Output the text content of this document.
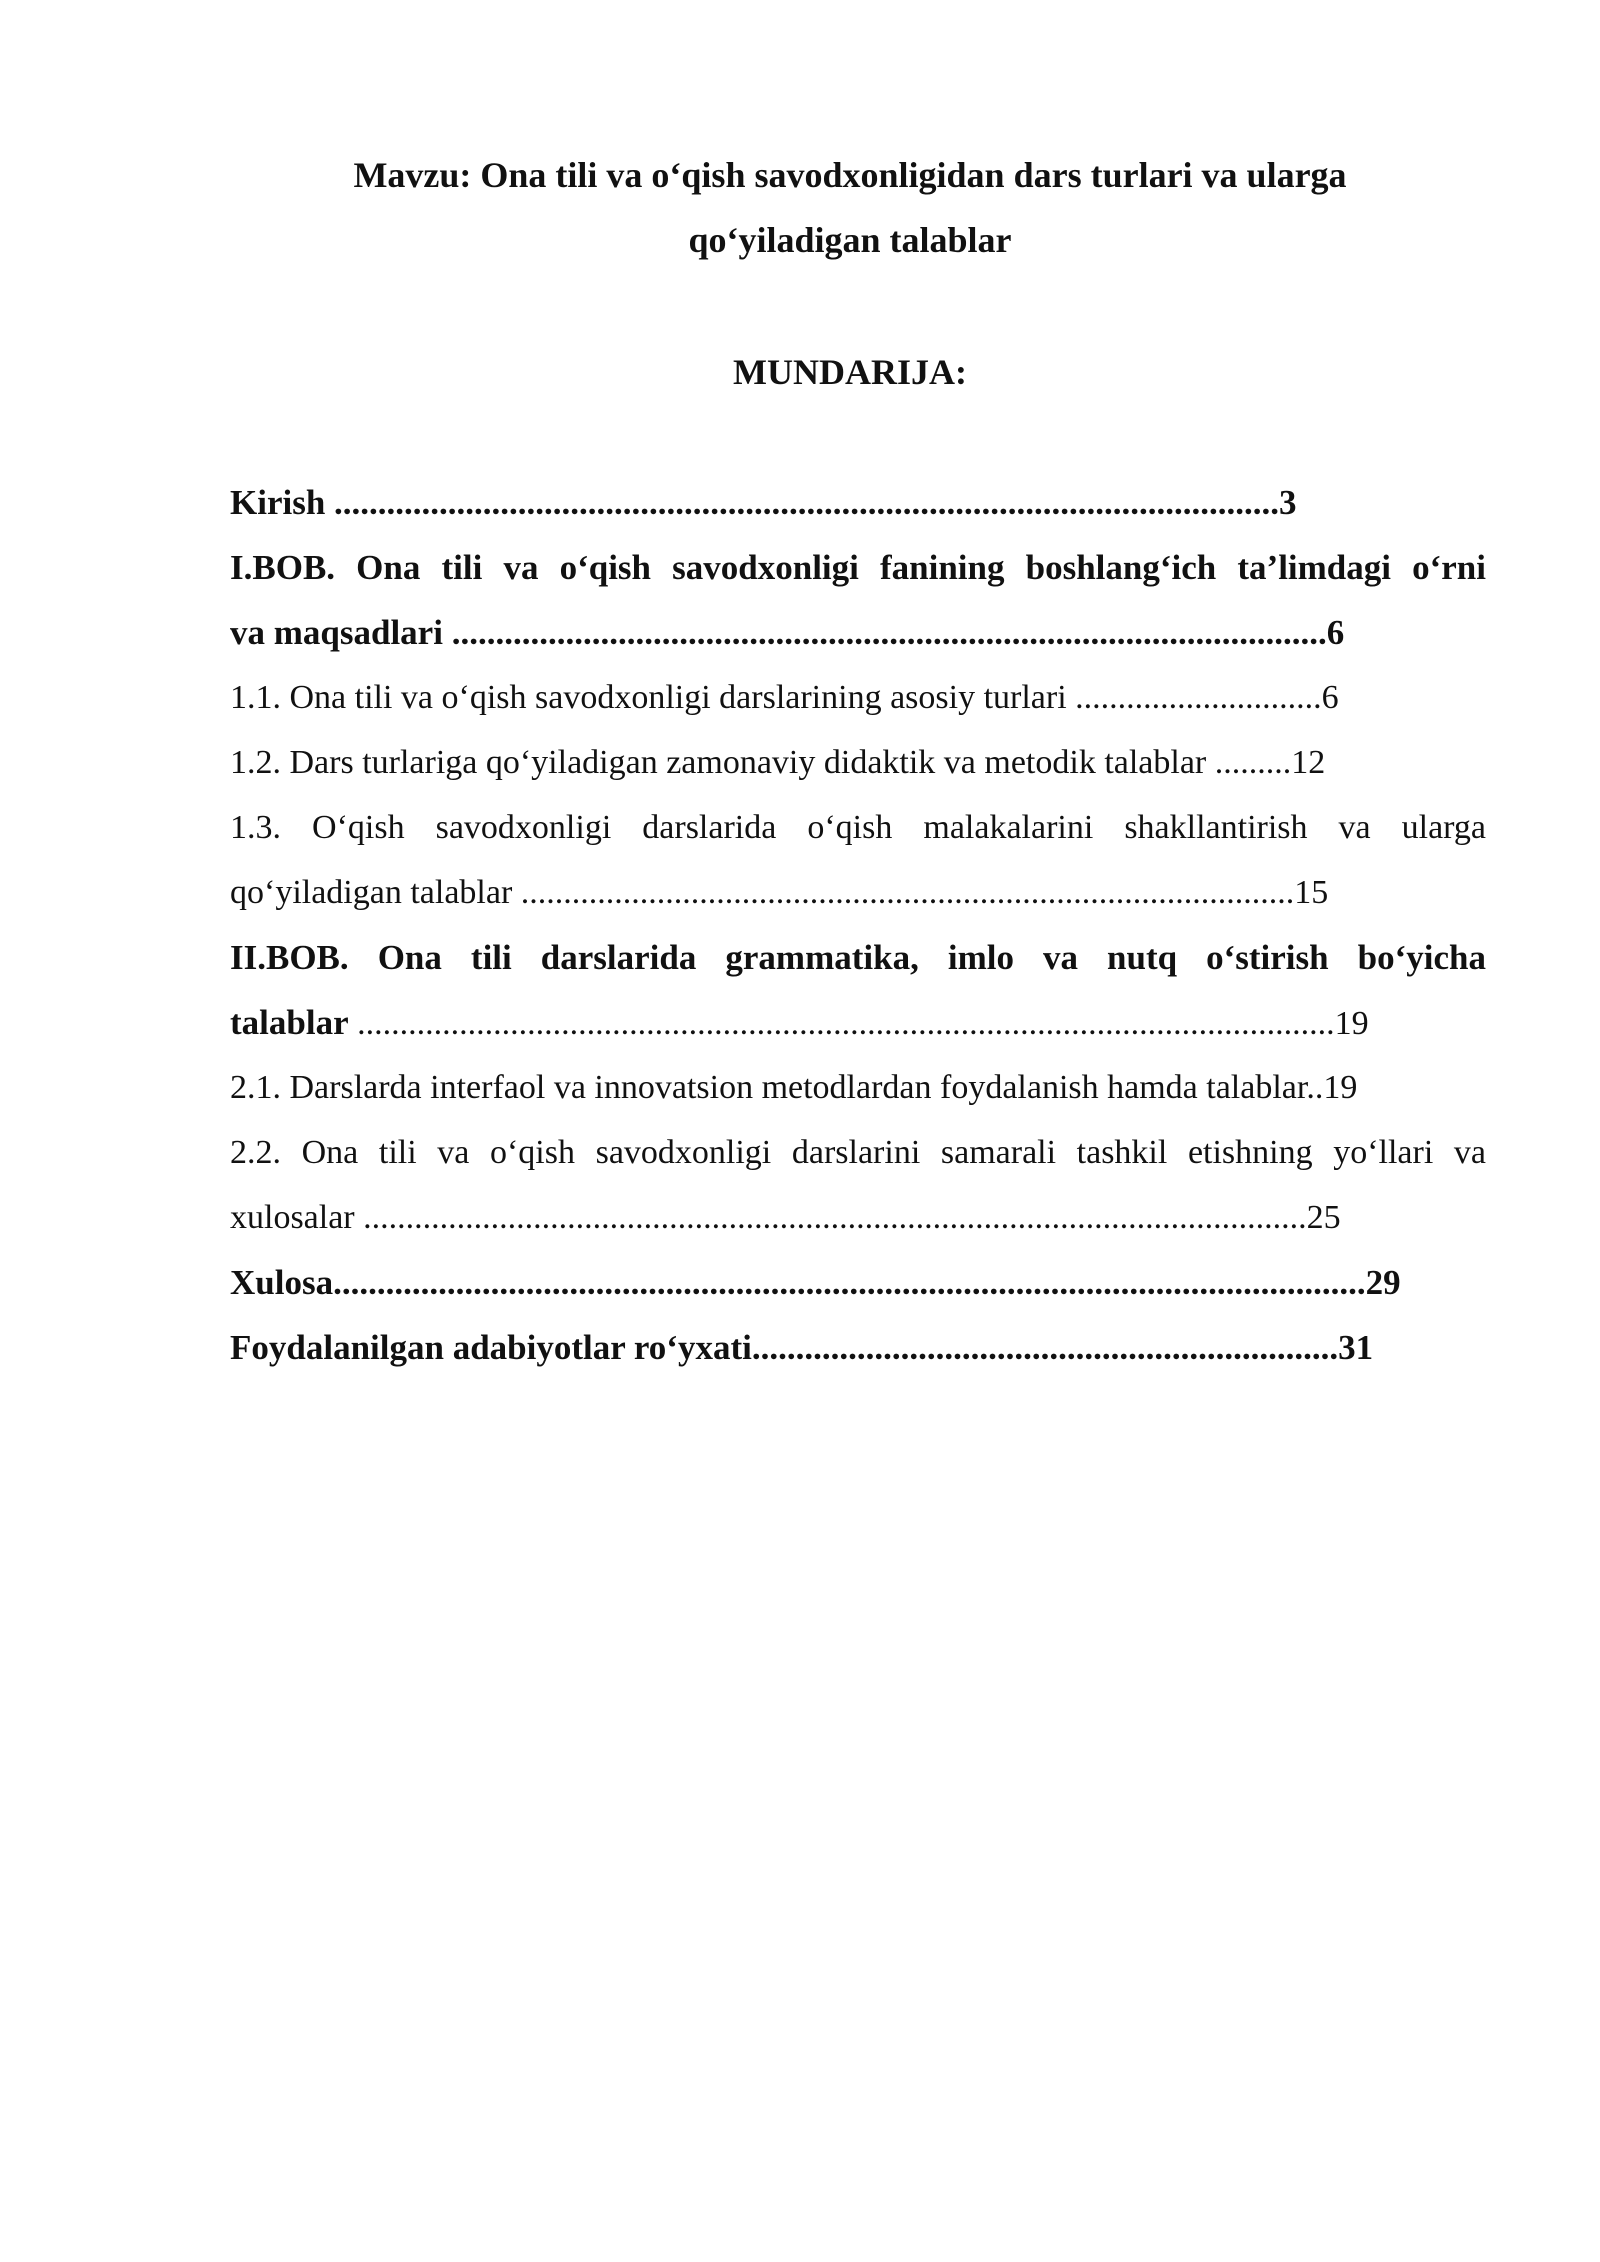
Mavzu: Ona tili va o‘qish savodxonligidan dars turlari va ularga
qo‘yiladigan talablar
MUNDARIJA:
Kirish ............................................................................................................3
I.BOB. Ona tili va o‘qish savodxonligi fanining boshlang‘ich ta’limdagi o‘rni
va maqsadlari ....................................................................................................6
1.1. Ona tili va o‘qish savodxonligi darslarining asosiy turlari .............................6
1.2. Dars turlariga qo‘yiladigan zamonaviy didaktik va metodik talablar .........12
1.3. O‘qish savodxonligi darslarida o‘qish malakalarini shakllantirish va ularga
qo‘yiladigan talablar ...........................................................................................15
II.BOB. Ona tili darslarida grammatika, imlo va nutq o‘stirish bo‘yicha
talablar ...................................................................................................................19
2.1. Darslarda interfaol va innovatsion metodlardan foydalanish hamda talablar..19
2.2. Ona tili va o‘qish savodxonligi darslarini samarali tashkil etishning yo‘llari va
xulosalar ...............................................................................................................25
Xulosa......................................................................................................................29
Foydalanilgan adabiyotlar ro‘yxati...................................................................31
